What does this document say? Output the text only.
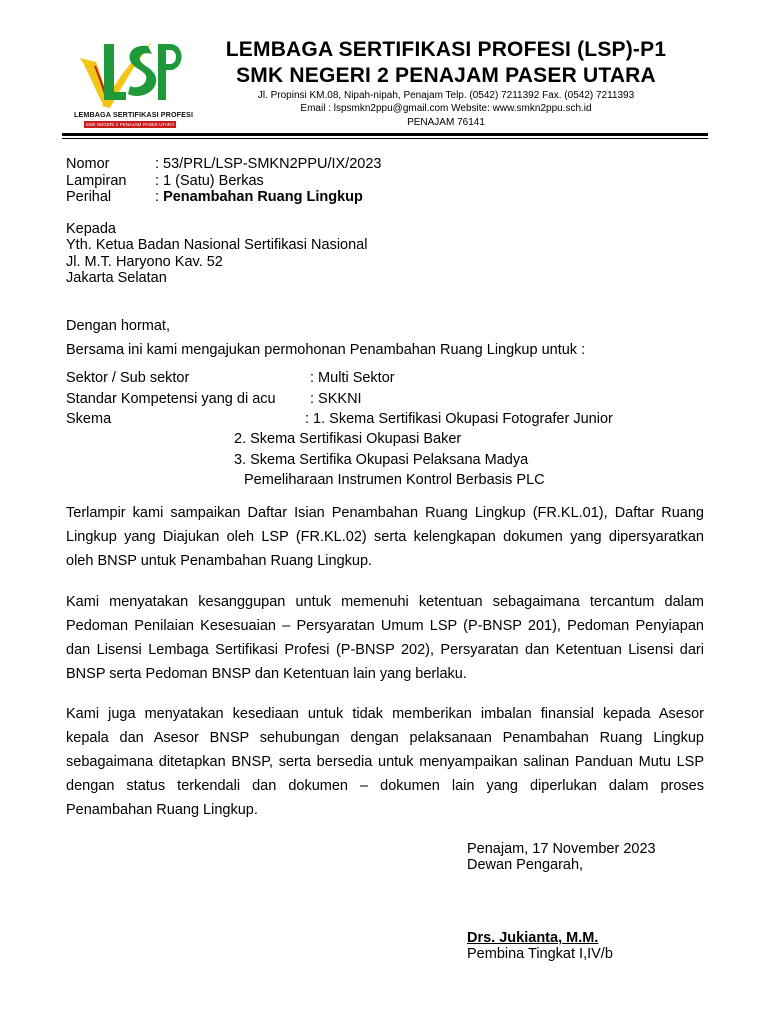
LEMBAGA SERTIFIKASI PROFESI
SMK NEGERI 2 PENAJAM PASER UTARA
LEMBAGA SERTIFIKASI PROFESI (LSP)-P1
SMK NEGERI 2 PENAJAM PASER UTARA
Jl. Propinsi KM.08, Nipah-nipah, Penajam Telp. (0542) 7211392 Fax. (0542) 7211393
Email : lspsmkn2ppu@gmail.com Website: www.smkn2ppu.sch.id
PENAJAM 76141
Nomor	: 53/PRL/LSP-SMKN2PPU/IX/2023
Lampiran : 1 (Satu) Berkas
Perihal	: Penambahan Ruang Lingkup
Kepada
Yth. Ketua Badan Nasional Sertifikasi Nasional
Jl. M.T. Haryono Kav. 52
Jakarta Selatan
Dengan hormat,
Bersama ini kami mengajukan permohonan Penambahan Ruang Lingkup untuk :
Sektor / Sub sektor	: Multi Sektor
Standar Kompetensi yang di acu : SKKNI
Skema	: 1. Skema Sertifikasi Okupasi Fotografer Junior
2. Skema Sertifikasi Okupasi Baker
3. Skema Sertifika Okupasi Pelaksana Madya
Pemeliharaan Instrumen Kontrol Berbasis PLC
Terlampir kami sampaikan Daftar Isian Penambahan Ruang Lingkup (FR.KL.01), Daftar Ruang
Lingkup yang Diajukan oleh LSP (FR.KL.02) serta kelengkapan dokumen yang dipersyaratkan
oleh BNSP untuk Penambahan Ruang Lingkup.
Kami menyatakan kesanggupan untuk memenuhi ketentuan sebagaimana tercantum dalam
Pedoman Penilaian Kesesuaian – Persyaratan Umum LSP (P-BNSP 201), Pedoman Penyiapan
dan Lisensi Lembaga Sertifikasi Profesi (P-BNSP 202), Persyaratan dan Ketentuan Lisensi dari
BNSP serta Pedoman BNSP dan Ketentuan lain yang berlaku.
Kami juga menyatakan kesediaan untuk tidak memberikan imbalan finansial kepada Asesor
kepala dan Asesor BNSP sehubungan dengan pelaksanaan Penambahan Ruang Lingkup
sebagaimana ditetapkan BNSP, serta bersedia untuk menyampaikan salinan Panduan Mutu LSP
dengan status terkendali dan dokumen – dokumen lain yang diperlukan dalam proses
Penambahan Ruang Lingkup.
Penajam, 17 November 2023
Dewan Pengarah,
Drs. Jukianta, M.M.
Pembina Tingkat I,IV/b
